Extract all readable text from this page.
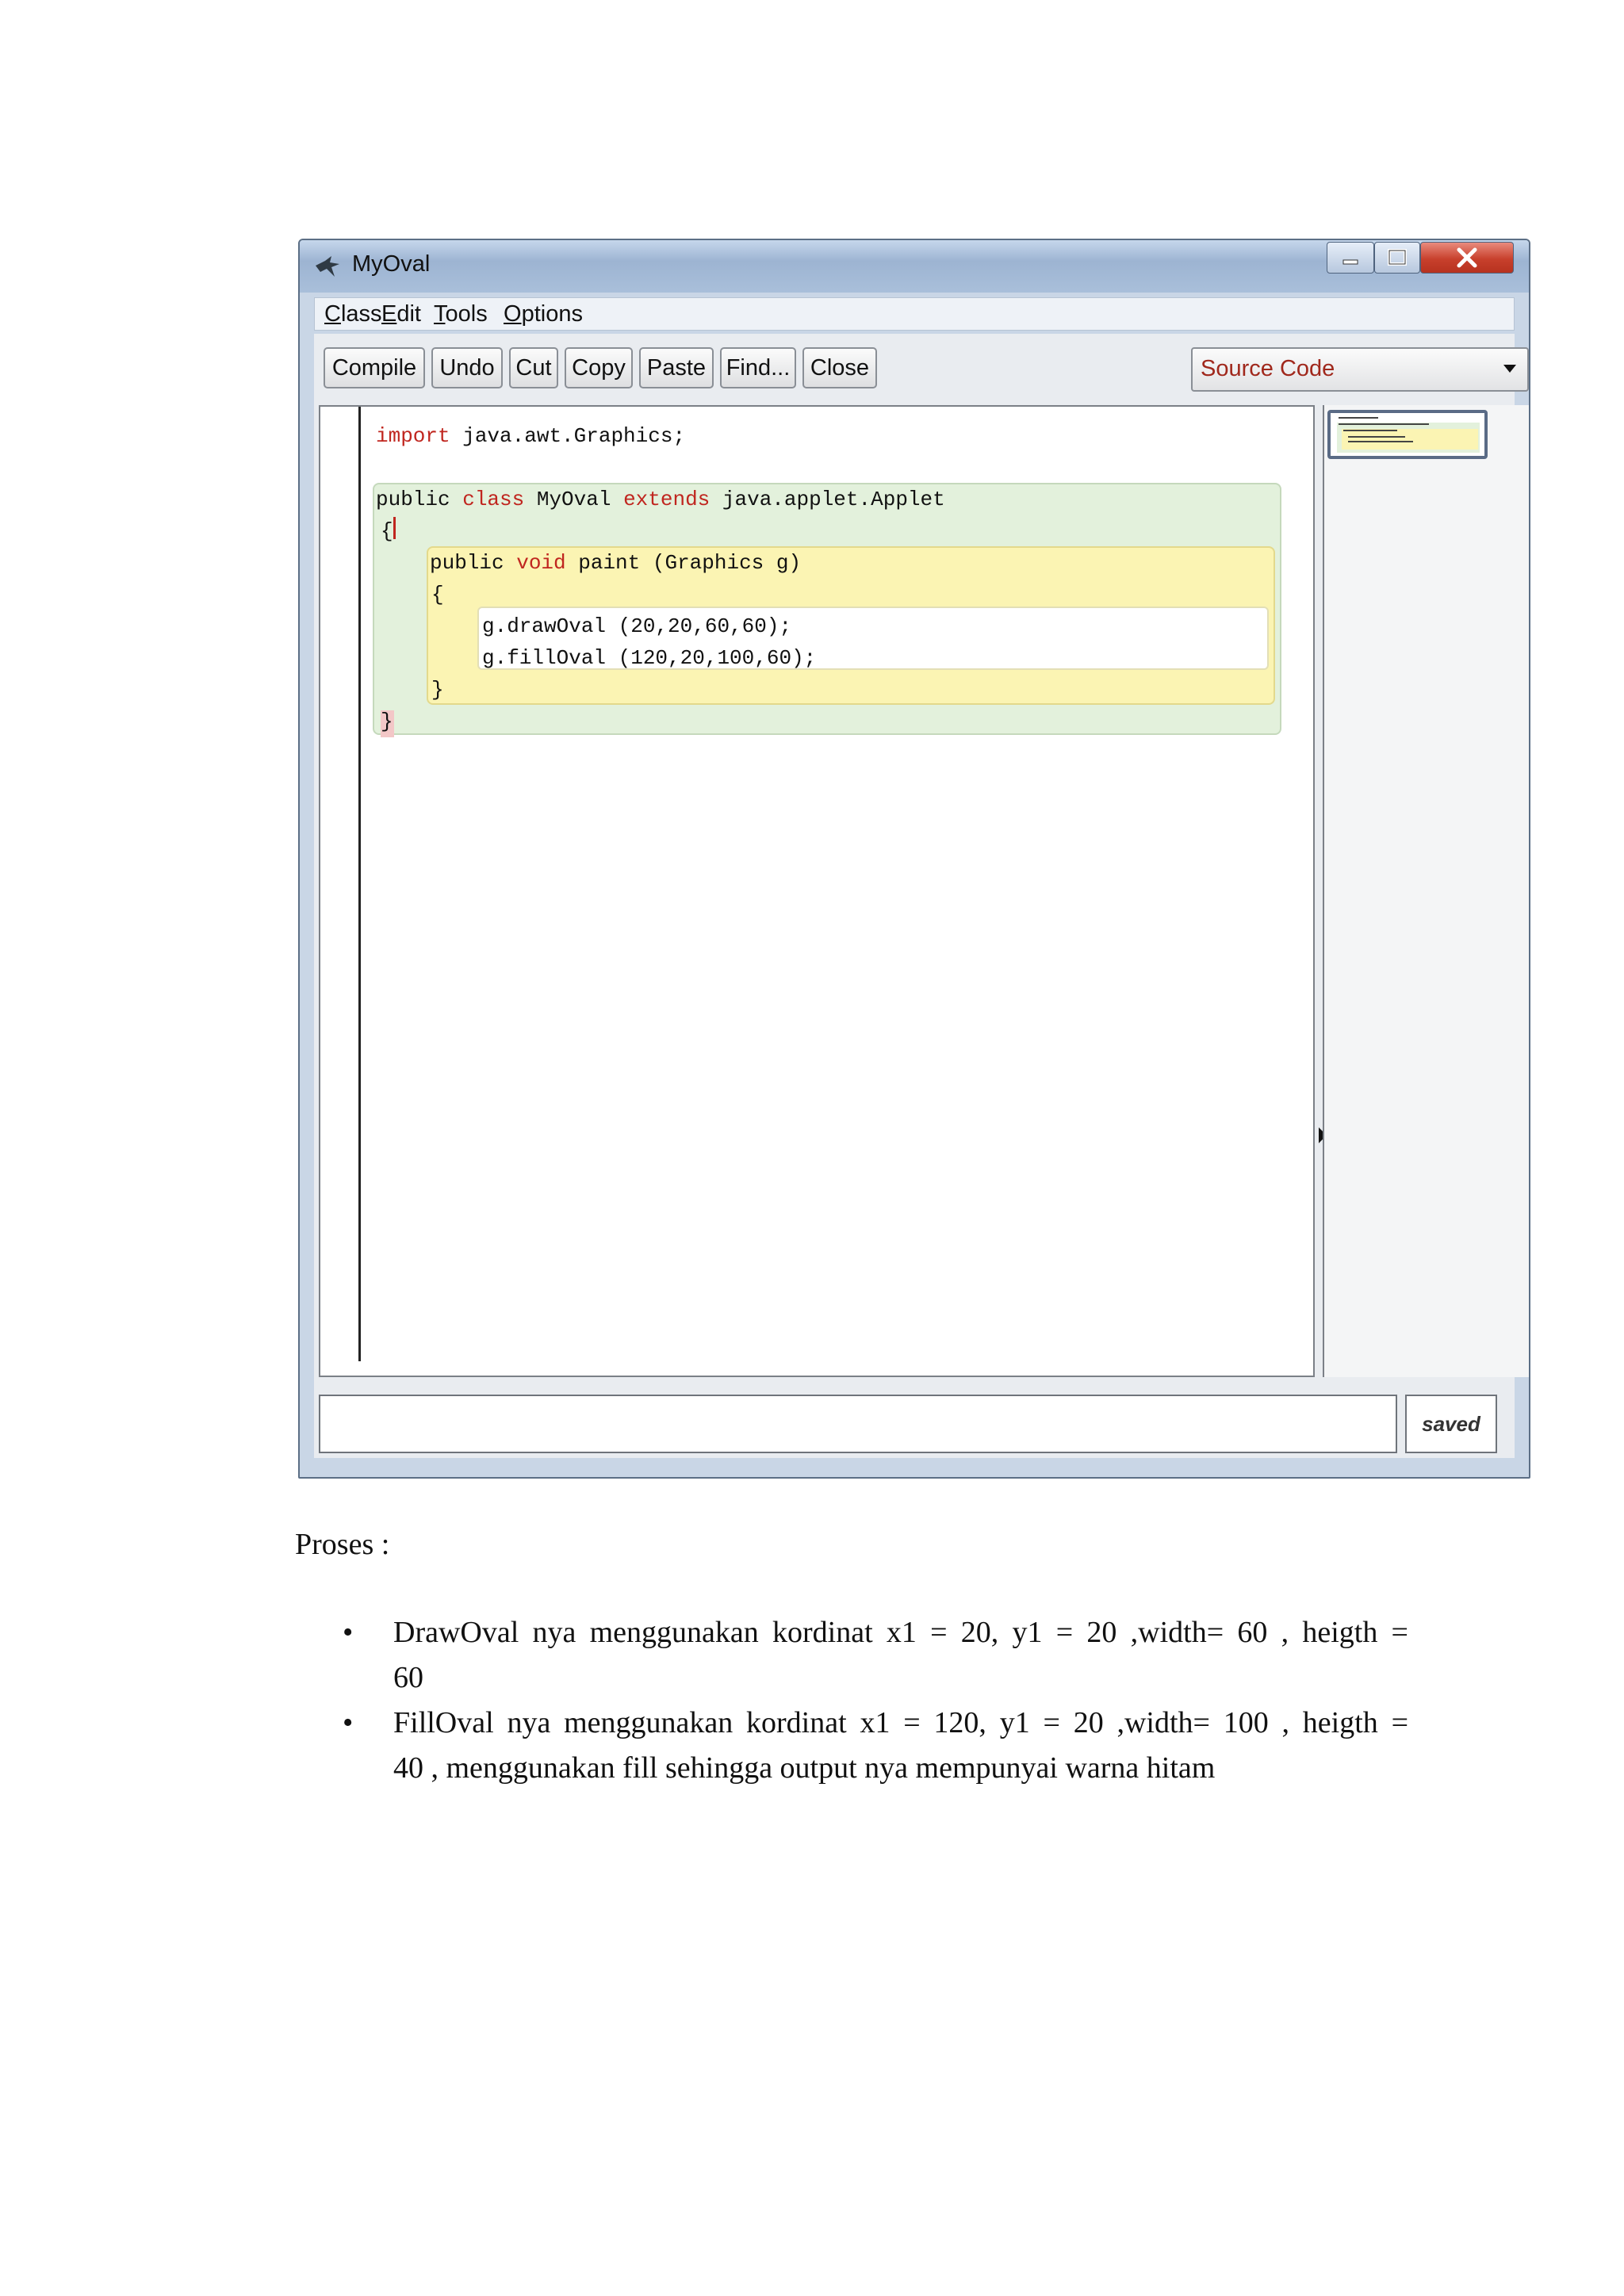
MyOval
Class Edit Tools Options
Compile	Undo Cut Copy Paste Find... Close	Source Code
import java.awt.Graphics;
public class MyOval extends java.applet.Applet
{
public void paint (Graphics g)
{
g.drawOval (20,20,60,60);
g.fillOval (120,20,100,60);
}
}
saved
Proses :
• DrawOval nya menggunakan kordinat x1 = 20, y1 = 20 ,width= 60 , heigth =
60
• FillOval nya menggunakan kordinat x1 = 120, y1 = 20 ,width= 100 , heigth =
40 , menggunakan fill sehingga output nya mempunyai warna hitam
